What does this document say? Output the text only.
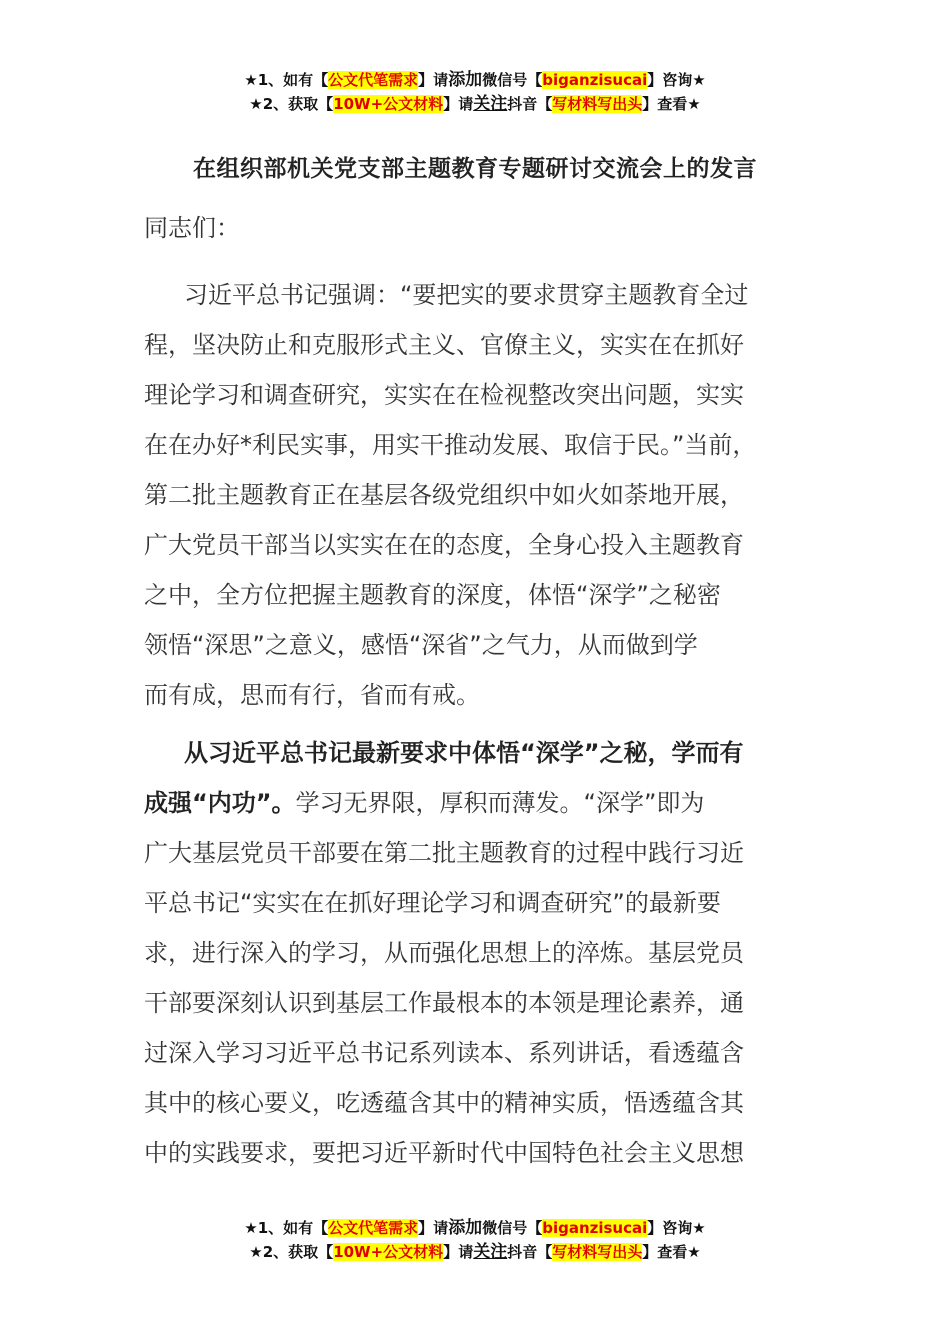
★1、如有【公文代笔需求】请添加微信号【biganzisucai】咨询★
★2、获取【10W+公文材料】请关注抖音【写材料写出头】查看★
在组织部机关党支部主题教育专题研讨交流会上的发言
同志们：
习近平总书记强调：“要把实的要求贯穿主题教育全过
程，坚决防止和克服形式主义、官僚主义，实实在在抓好
理论学习和调查研究，实实在在检视整改突出问题，实实
在在办好*利民实事，用实干推动发展、取信于民。”当前，
第二批主题教育正在基层各级党组织中如火如荼地开展，
广大党员干部当以实实在在的态度，全身心投入主题教育
之中，全方位把握主题教育的深度，体悟“深学”之秘密
领悟“深思”之意义，感悟“深省”之气力，从而做到学
而有成，思而有行，省而有戒。
从习近平总书记最新要求中体悟“深学”之秘，学而有
成强“内功”。学习无界限，厚积而薄发。“深学”即为
广大基层党员干部要在第二批主题教育的过程中践行习近
平总书记“实实在在抓好理论学习和调查研究”的最新要
求，进行深入的学习，从而强化思想上的淬炼。基层党员
干部要深刻认识到基层工作最根本的本领是理论素养，通
过深入学习习近平总书记系列读本、系列讲话，看透蕴含
其中的核心要义，吃透蕴含其中的精神实质，悟透蕴含其
中的实践要求，要把习近平新时代中国特色社会主义思想
★1、如有【公文代笔需求】请添加微信号【biganzisucai】咨询★
★2、获取【10W+公文材料】请关注抖音【写材料写出头】查看★
